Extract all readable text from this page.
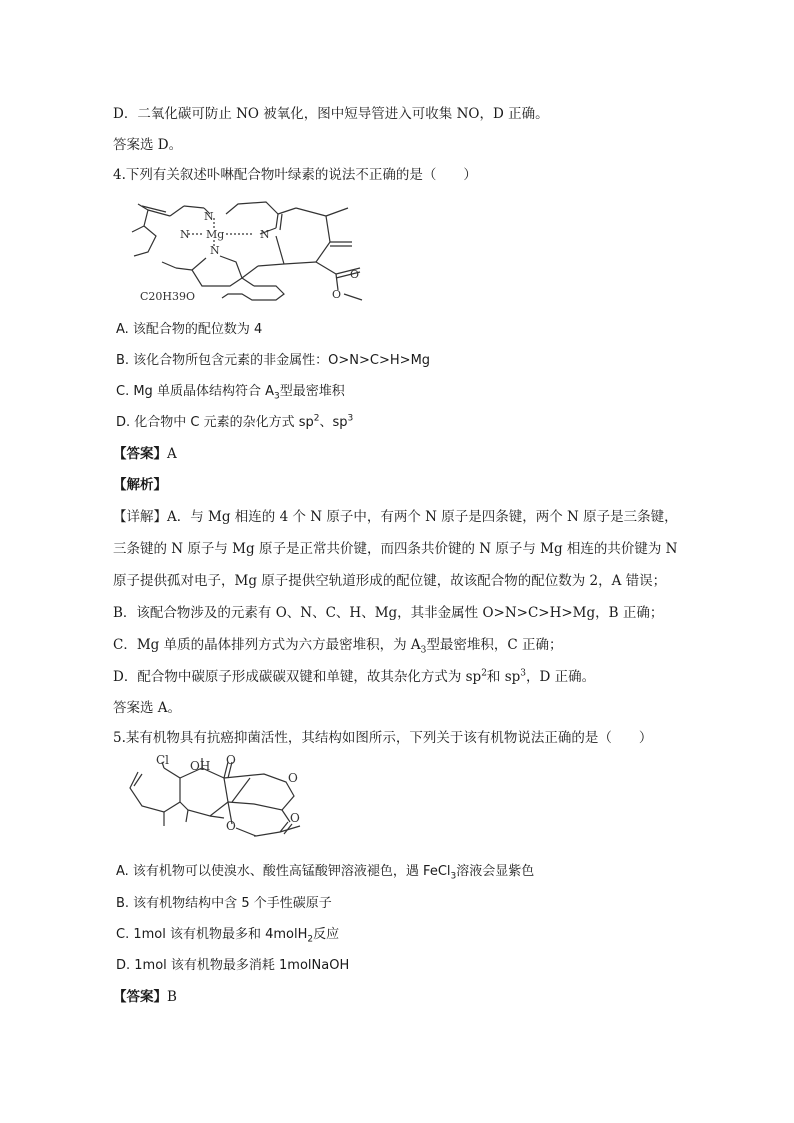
D．二氧化碳可防止 NO 被氧化，图中短导管进入可收集 NO，D 正确。
答案选 D。
4.下列有关叙述卟啉配合物叶绿素的说法不正确的是（　　）
N
N Mg	N
N
O
O
C20H39O
A. 该配合物的配位数为 4
B. 该化合物所包含元素的非金属性：O>N>C>H>Mg
C. Mg 单质晶体结构符合 $A_3$型最密堆积
D. 化合物中 C 元素的杂化方式 $sp^2$、$sp^3$
【答案】A
【解析】
【详解】A．与 Mg 相连的 4 个 N 原子中，有两个 N 原子是四条键，两个 N 原子是三条键，
三条键的 N 原子与 Mg 原子是正常共价键，而四条共价键的 N 原子与 Mg 相连的共价键为 N
原子提供孤对电子，Mg 原子提供空轨道形成的配位键，故该配合物的配位数为 2，A 错误；
B．该配合物涉及的元素有 O、N、C、H、Mg，其非金属性 O>N>C>H>Mg，B 正确；
C．Mg 单质的晶体排列方式为六方最密堆积，为 $A_3$型最密堆积，C 正确；
D．配合物中碳原子形成碳碳双键和单键，故其杂化方式为 $sp^2$和 $sp^3$，D 正确。
答案选 A。
5.某有机物具有抗癌抑菌活性，其结构如图所示，下列关于该有机物说法正确的是（　　）
Cl OH O
O
O
O
A. 该有机物可以使溴水、酸性高锰酸钾溶液褪色，遇 FeCl$_3$溶液会显紫色
B. 该有机物结构中含 5 个手性碳原子
C. 1mol 该有机物最多和 4molH$_2$反应
D. 1mol 该有机物最多消耗 1molNaOH
【答案】B
